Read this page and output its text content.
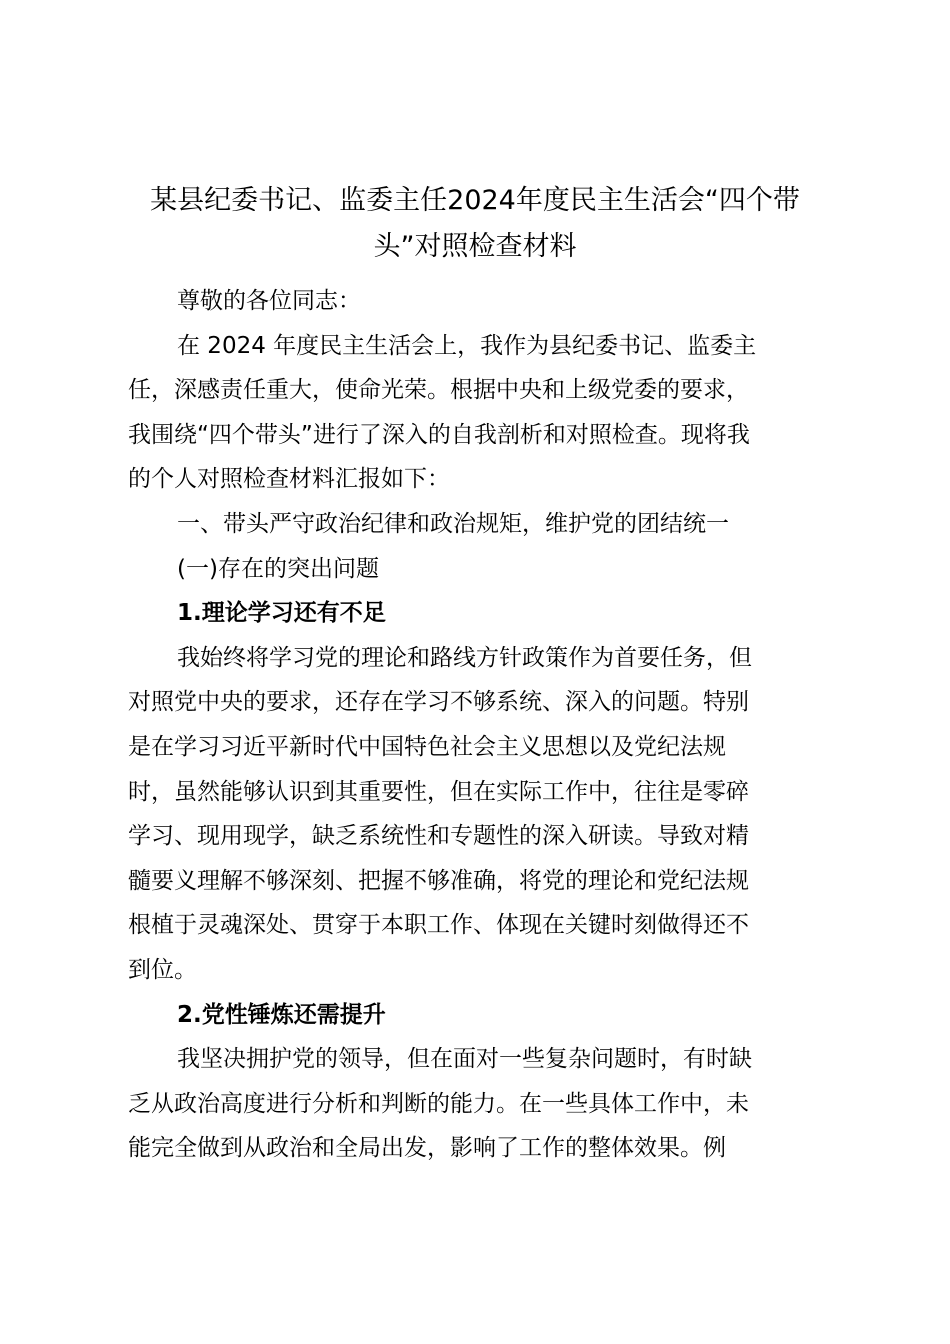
某县纪委书记、监委主任2024年度民主生活会“四个带
头”对照检查材料

尊敬的各位同志：

在 2024 年度民主生活会上，我作为县纪委书记、监委主
任，深感责任重大，使命光荣。根据中央和上级党委的要求，
我围绕“四个带头”进行了深入的自我剖析和对照检查。现将我
的个人对照检查材料汇报如下：

一、带头严守政治纪律和政治规矩，维护党的团结统一

(一)存在的突出问题

1.理论学习还有不足

我始终将学习党的理论和路线方针政策作为首要任务，但
对照党中央的要求，还存在学习不够系统、深入的问题。特别
是在学习习近平新时代中国特色社会主义思想以及党纪法规
时，虽然能够认识到其重要性，但在实际工作中，往往是零碎
学习、现用现学，缺乏系统性和专题性的深入研读。导致对精
髓要义理解不够深刻、把握不够准确，将党的理论和党纪法规
根植于灵魂深处、贯穿于本职工作、体现在关键时刻做得还不
到位。

2.党性锤炼还需提升

我坚决拥护党的领导，但在面对一些复杂问题时，有时缺
乏从政治高度进行分析和判断的能力。在一些具体工作中，未
能完全做到从政治和全局出发，影响了工作的整体效果。例
